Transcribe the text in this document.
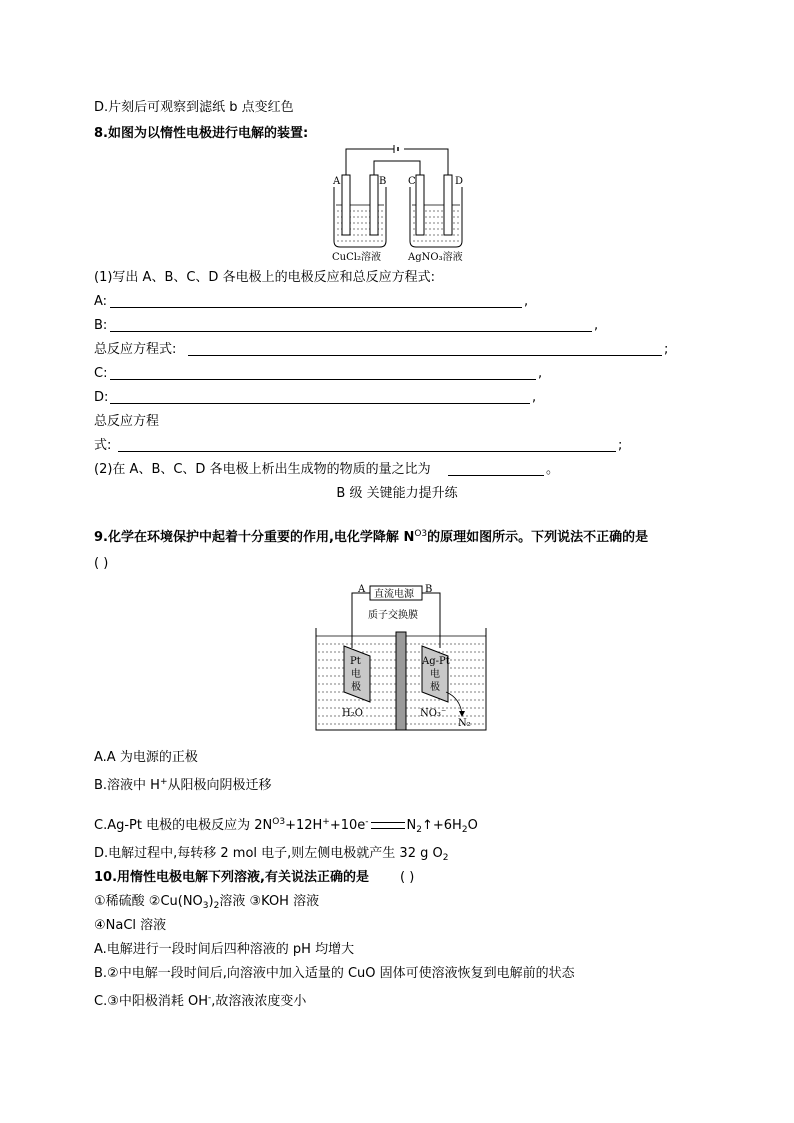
D.片刻后可观察到滤纸 b 点变红色
8.如图为以惰性电极进行电解的装置:
A	B C	D
CuCl₂溶液	AgNO₃溶液
(1)写出 A、B、C、D 各电极上的电极反应和总反应方程式:
A:	,
B:	,
总反应方程式:	;
C:	,
D:	,
总反应方程
式:	;
(2)在 A、B、C、D 各电极上析出生成物的物质的量之比为	。
B 级 关键能力提升练
9.化学在环境保护中起着十分重要的作用,电化学降解 $N^{O3}$的原理如图所示。下列说法不正确的是
( )
A	B
直流电源
质子交换膜
Pt
电
极
Ag-Pt
电
极
H₂O	NO₃⁻
N₂
A.A 为电源的正极
B.溶液中 H+从阳极向阴极迁移
C.Ag-Pt 电极的电极反应为 $2N^{O3}+12H^++10e^-$	$N_2↑+6H_2O$
D.电解过程中,每转移 2 mol 电子,则左侧电极就产生 32 g $O_2$
10.用惰性电极电解下列溶液,有关说法正确的是 ( )
①稀硫酸 $②Cu(NO_3)_2$溶液 ③KOH 溶液
④NaCl 溶液
A.电解进行一段时间后四种溶液的 pH 均增大
B.②中电解一段时间后,向溶液中加入适量的 CuO 固体可使溶液恢复到电解前的状态
C.③中阳极消耗 OH-,故溶液浓度变小
